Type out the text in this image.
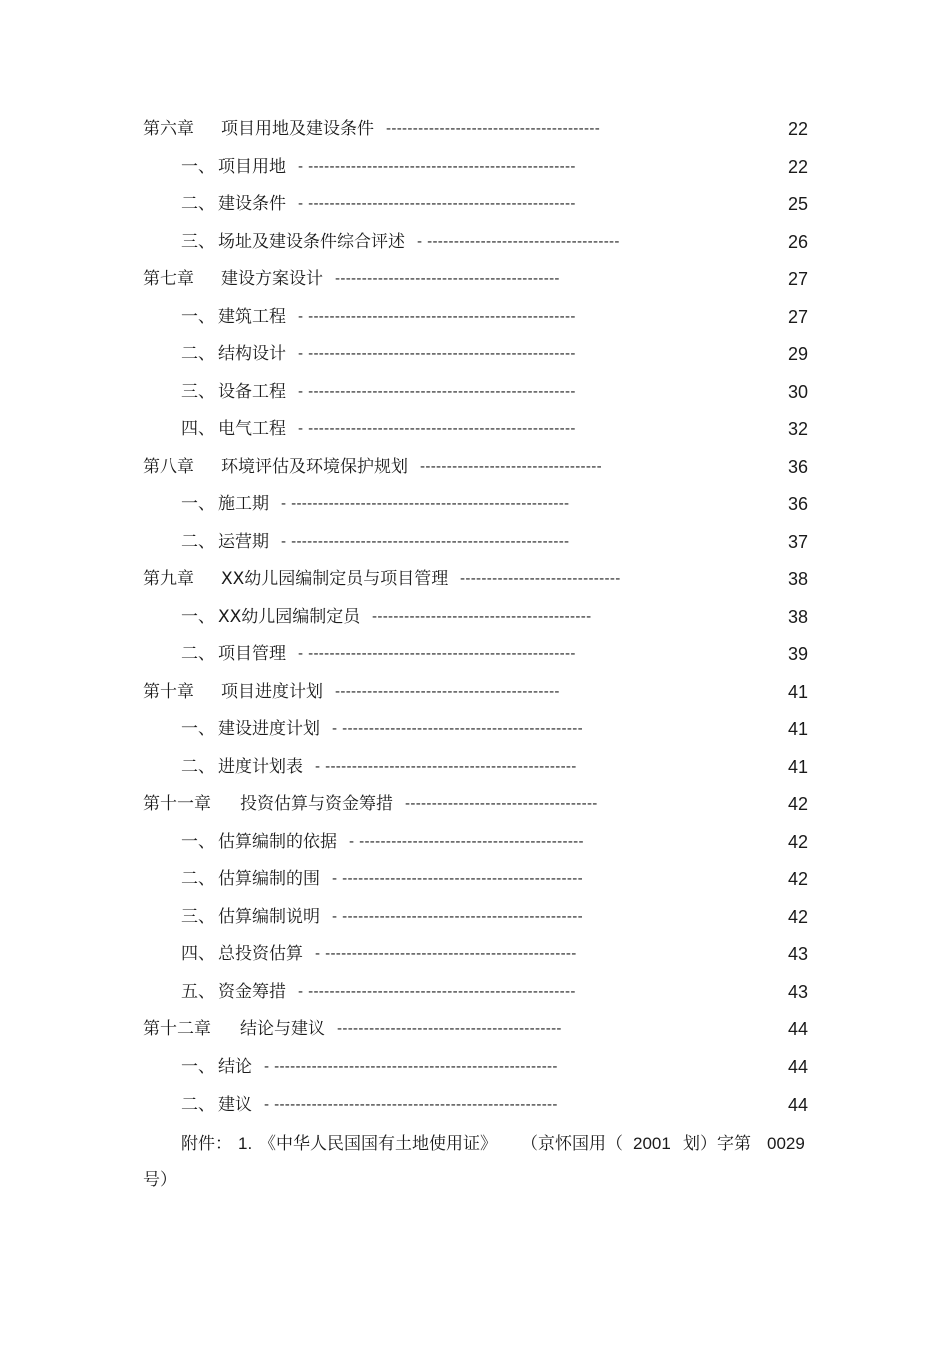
第六章 项目用地及建设条件 ----------------------------------------	22
一、 项目用地 - --------------------------------------------------	22
二、 建设条件 - --------------------------------------------------	25
三、 场址及建设条件综合评述 - ------------------------------------	26
第七章 建设方案设计 ------------------------------------------	27
一、 建筑工程 - --------------------------------------------------	27
二、 结构设计 - --------------------------------------------------	29
三、 设备工程 - --------------------------------------------------	30
四、 电气工程 - --------------------------------------------------	32
第八章 环境评估及环境保护规划 ----------------------------------	36
一、 施工期 - ----------------------------------------------------	36
二、 运营期 - ----------------------------------------------------	37
第九章 XX幼儿园编制定员与项目管理 ------------------------------	38
一、 XX幼儿园编制定员 -----------------------------------------	38
二、 项目管理 - --------------------------------------------------	39
第十章 项目进度计划 ------------------------------------------	41
一、 建设进度计划 - ---------------------------------------------	41
二、 进度计划表 - -----------------------------------------------	41
第十一章 投资估算与资金筹措 ------------------------------------	42
一、 估算编制的依据 - ------------------------------------------	42
二、 估算编制的围 - ---------------------------------------------	42
三、 估算编制说明 - ---------------------------------------------	42
四、 总投资估算 - -----------------------------------------------	43
五、 资金筹措 - --------------------------------------------------	43
第十二章 结论与建议 ------------------------------------------	44
一、 结论 - -----------------------------------------------------	44
二、 建议 - -----------------------------------------------------	44
附件： 1. 《中华人民国国有土地使用证》 （京怀国用（ 2001 划）字第 0029
号）
